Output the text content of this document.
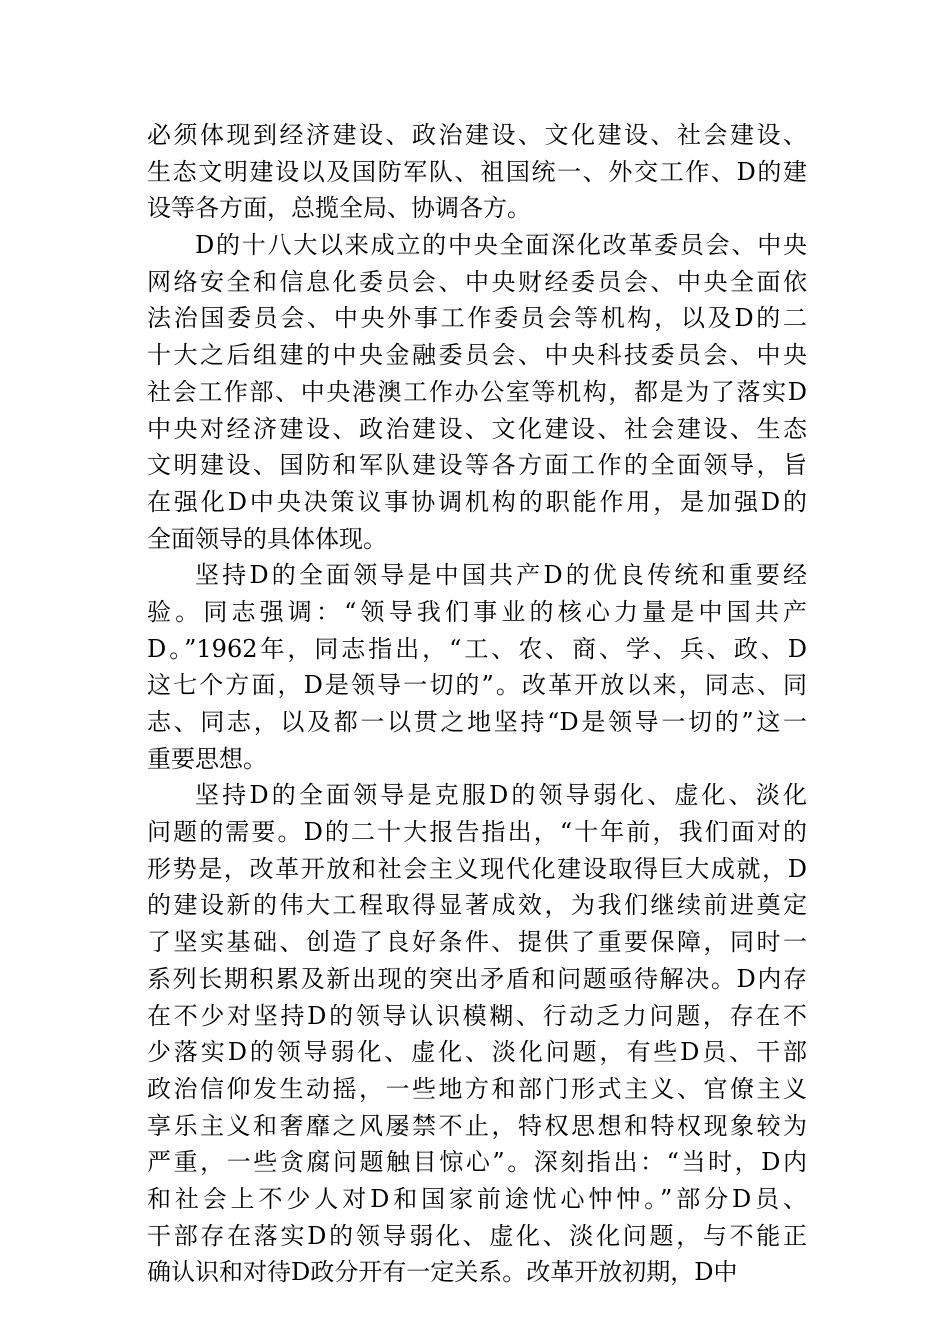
必须体现到经济建设、政治建设、文化建设、社会建设、
生态文明建设以及国防军队、祖国统一、外交工作、D的建
设等各方面，总揽全局、协调各方。
D的十八大以来成立的中央全面深化改革委员会、中央
网络安全和信息化委员会、中央财经委员会、中央全面依
法治国委员会、中央外事工作委员会等机构，以及D的二
十大之后组建的中央金融委员会、中央科技委员会、中央
社会工作部、中央港澳工作办公室等机构，都是为了落实D
中央对经济建设、政治建设、文化建设、社会建设、生态
文明建设、国防和军队建设等各方面工作的全面领导，旨
在强化D中央决策议事协调机构的职能作用，是加强D的
全面领导的具体体现。
坚持D的全面领导是中国共产D的优良传统和重要经
验。同志强调：“领导我们事业的核心力量是中国共产
D。”1962年，同志指出，“工、农、商、学、兵、政、D
这七个方面，D是领导一切的”。改革开放以来，同志、同
志、同志，以及都一以贯之地坚持“D是领导一切的”这一
重要思想。
坚持D的全面领导是克服D的领导弱化、虚化、淡化
问题的需要。D的二十大报告指出，“十年前，我们面对的
形势是，改革开放和社会主义现代化建设取得巨大成就，D
的建设新的伟大工程取得显著成效，为我们继续前进奠定
了坚实基础、创造了良好条件、提供了重要保障，同时一
系列长期积累及新出现的突出矛盾和问题亟待解决。D内存
在不少对坚持D的领导认识模糊、行动乏力问题，存在不
少落实D的领导弱化、虚化、淡化问题，有些D员、干部
政治信仰发生动摇，一些地方和部门形式主义、官僚主义
享乐主义和奢靡之风屡禁不止，特权思想和特权现象较为
严重，一些贪腐问题触目惊心”。深刻指出：“当时，D内
和社会上不少人对D和国家前途忧心忡忡。”部分D员、
干部存在落实D的领导弱化、虚化、淡化问题，与不能正
确认识和对待D政分开有一定关系。改革开放初期，D中
